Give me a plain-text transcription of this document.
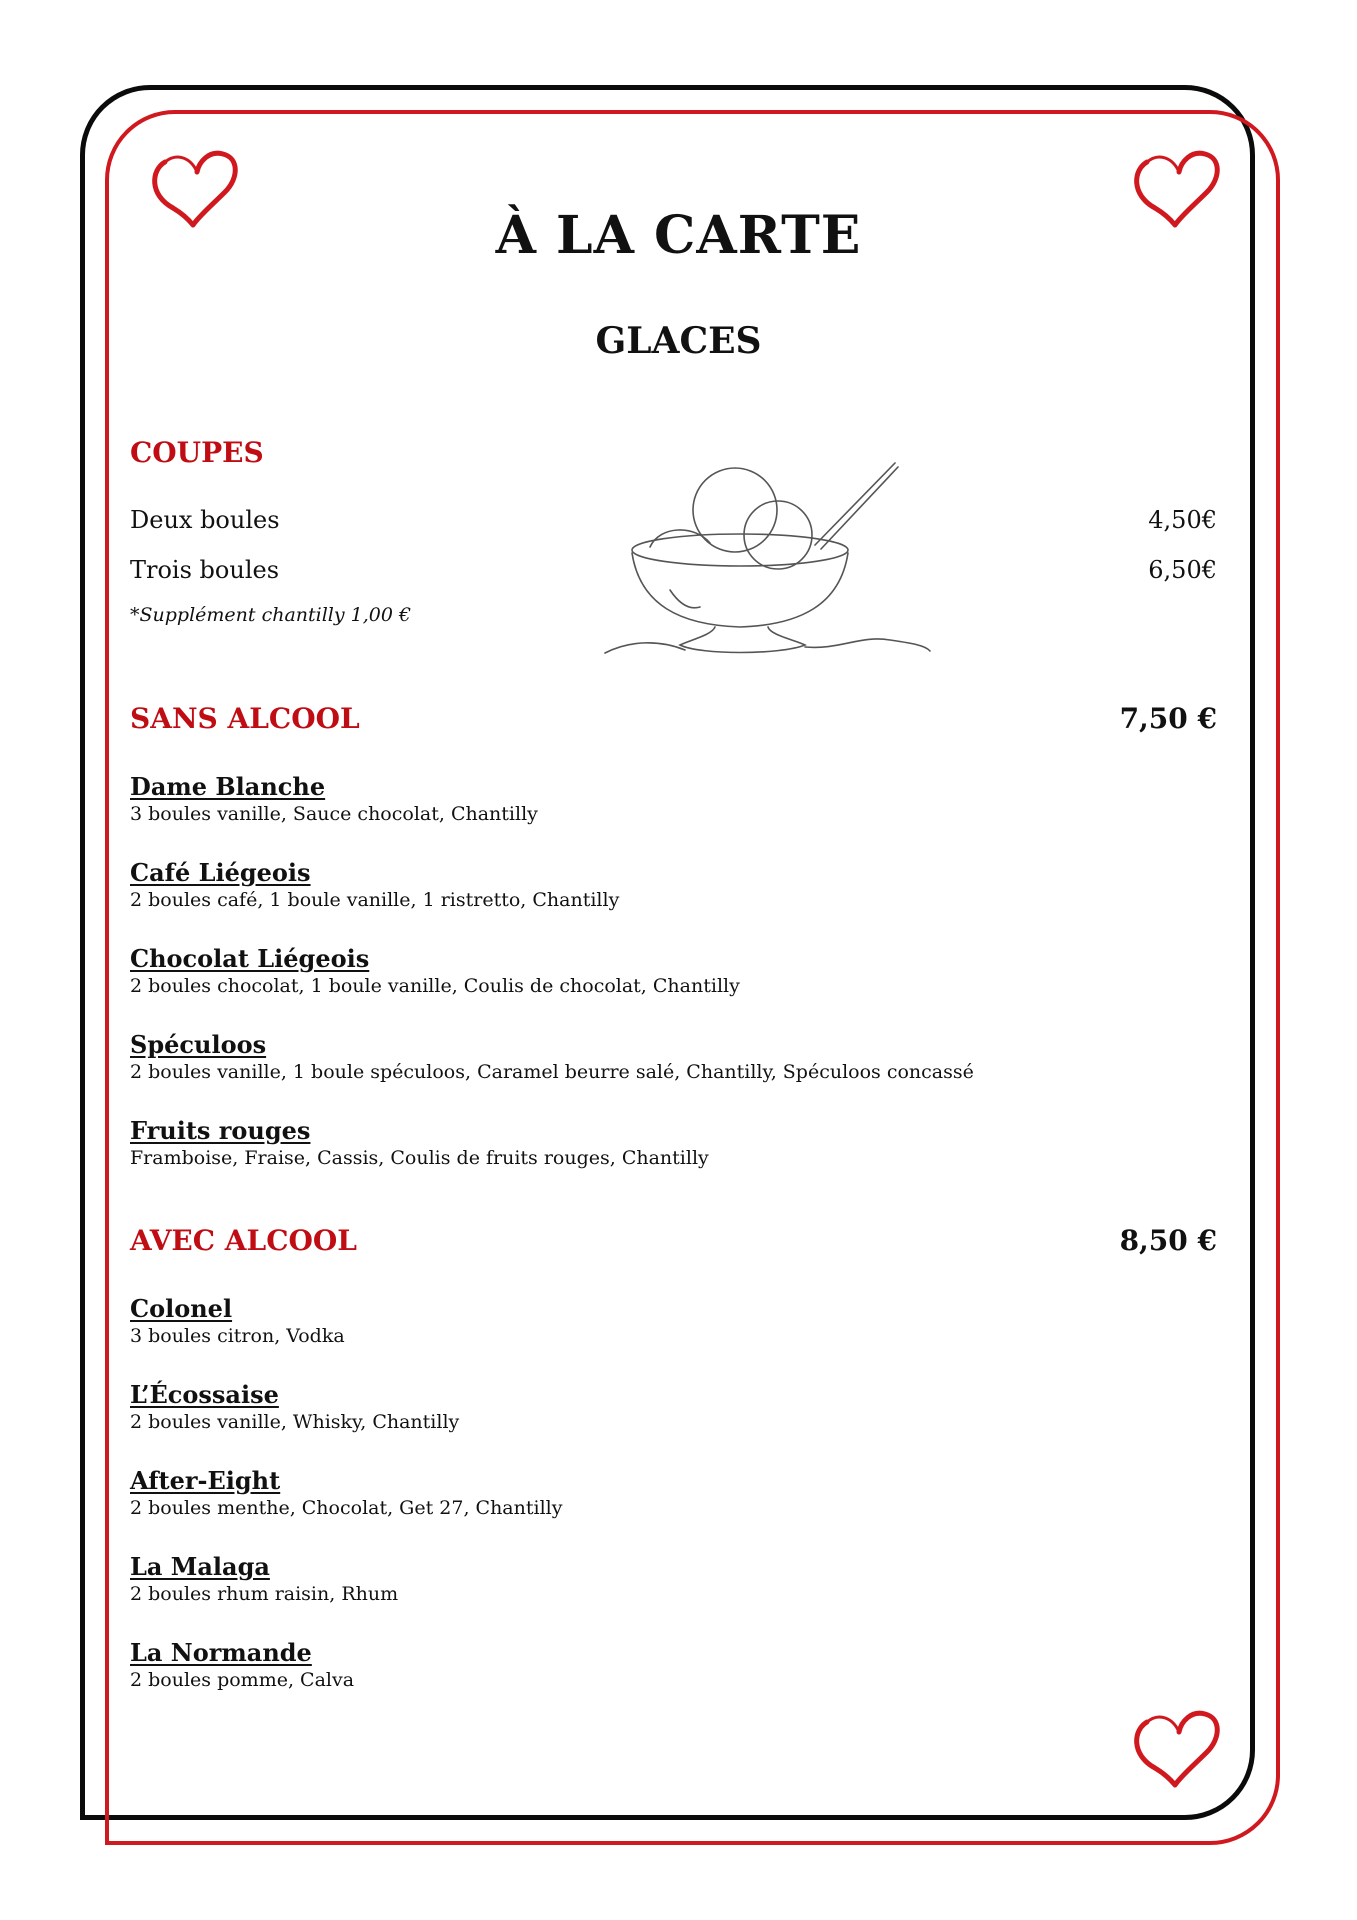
À LA CARTE
GLACES
COUPES
Deux boules	4,50€
Trois boules	6,50€
*Supplément chantilly 1,00 €
SANS ALCOOL	7,50 €
Dame Blanche
3 boules vanille, Sauce chocolat, Chantilly
Café Liégeois
2 boules café, 1 boule vanille, 1 ristretto, Chantilly
Chocolat Liégeois
2 boules chocolat, 1 boule vanille, Coulis de chocolat, Chantilly
Spéculoos
2 boules vanille, 1 boule spéculoos, Caramel beurre salé, Chantilly, Spéculoos concassé
Fruits rouges
Framboise, Fraise, Cassis, Coulis de fruits rouges, Chantilly
AVEC ALCOOL	8,50 €
Colonel
3 boules citron, Vodka
L’Écossaise
2 boules vanille, Whisky, Chantilly
After-Eight
2 boules menthe, Chocolat, Get 27, Chantilly
La Malaga
2 boules rhum raisin, Rhum
La Normande
2 boules pomme, Calva
